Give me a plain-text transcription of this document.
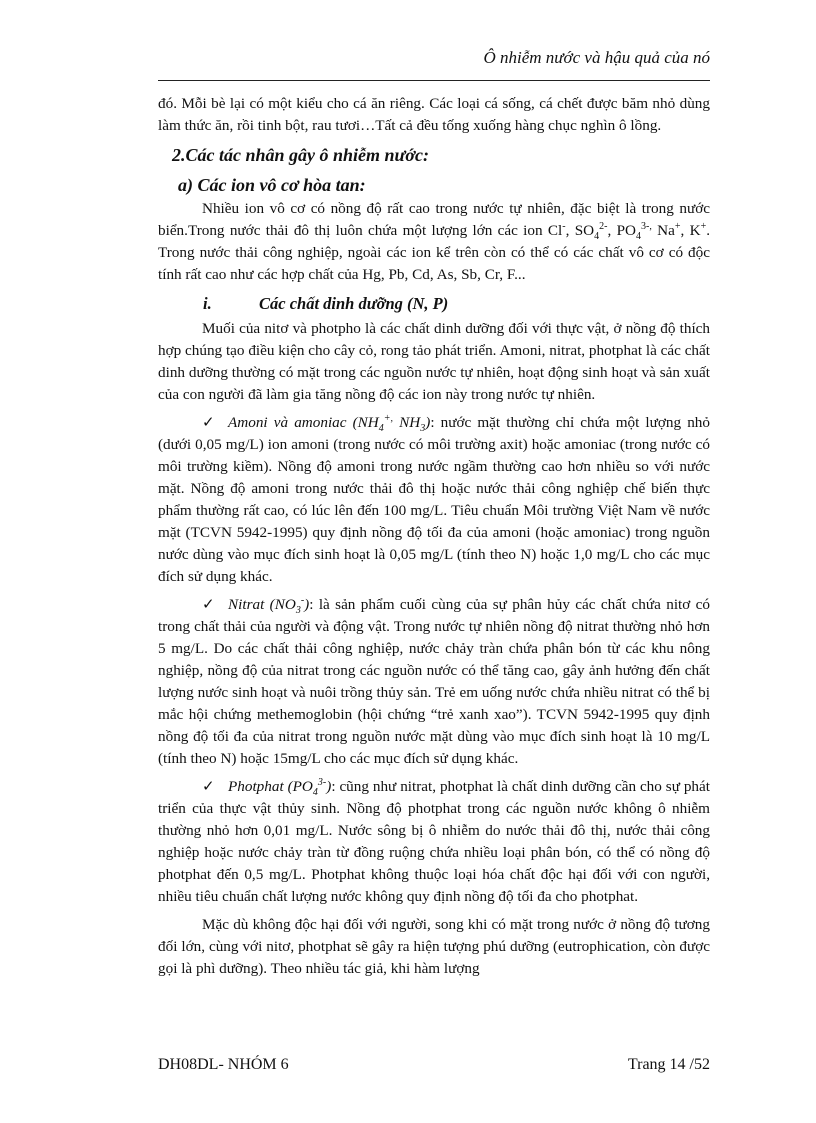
Ô nhiễm nước và hậu quả của nó

đó. Mỗi bè lại có một kiểu cho cá ăn riêng. Các loại cá sống, cá chết được băm nhỏ dùng làm thức ăn, rồi tinh bột, rau tươi…Tất cả đều tống xuống hàng chục nghìn ô lồng.

2.Các tác nhân gây ô nhiễm nước:
a) Các ion vô cơ hòa tan:

Nhiều ion vô cơ có nồng độ rất cao trong nước tự nhiên, đặc biệt là trong nước biển.Trong nước thải đô thị luôn chứa một lượng lớn các ion Cl-, $SO_4^{2-}$, $PO_4^{3-,}$ Na+, K+. Trong nước thải công nghiệp, ngoài các ion kể trên còn có thể có các chất vô cơ có độc tính rất cao như các hợp chất của Hg, Pb, Cd, As, Sb, Cr, F...

i.	Các chất dinh dưỡng (N, P)

Muối của nitơ và photpho là các chất dinh dưỡng đối với thực vật, ở nồng độ thích hợp chúng tạo điều kiện cho cây cỏ, rong tảo phát triển. Amoni, nitrat, photphat là các chất dinh dưỡng thường có mặt trong các nguồn nước tự nhiên, hoạt động sinh hoạt và sản xuất của con người đã làm gia tăng nồng độ các ion này trong nước tự nhiên.

✓ Amoni và amoniac ($NH_4^{+,}$ $NH_3$): nước mặt thường chỉ chứa một lượng nhỏ (dưới 0,05 mg/L) ion amoni (trong nước có môi trường axit) hoặc amoniac (trong nước có môi trường kiềm). Nồng độ amoni trong nước ngầm thường cao hơn nhiều so với nước mặt. Nồng độ amoni trong nước thải đô thị hoặc nước thải công nghiệp chế biến thực phẩm thường rất cao, có lúc lên đến 100 mg/L. Tiêu chuẩn Môi trường Việt Nam về nước mặt (TCVN 5942-1995) quy định nồng độ tối đa của amoni (hoặc amoniac) trong nguồn nước dùng vào mục đích sinh hoạt là 0,05 mg/L (tính theo N) hoặc 1,0 mg/L cho các mục đích sử dụng khác.

✓ Nitrat $(NO_3^-)$: là sản phẩm cuối cùng của sự phân hủy các chất chứa nitơ có trong chất thải của người và động vật. Trong nước tự nhiên nồng độ nitrat thường nhỏ hơn 5 mg/L. Do các chất thải công nghiệp, nước chảy tràn chứa phân bón từ các khu nông nghiệp, nồng độ của nitrat trong các nguồn nước có thể tăng cao, gây ảnh hưởng đến chất lượng nước sinh hoạt và nuôi trồng thủy sản. Trẻ em uống nước chứa nhiều nitrat có thể bị mắc hội chứng methemoglobin (hội chứng “trẻ xanh xao”). TCVN 5942-1995 quy định nồng độ tối đa của nitrat trong nguồn nước mặt dùng vào mục đích sinh hoạt là 10 mg/L (tính theo N) hoặc 15mg/L cho các mục đích sử dụng khác.

✓ Photphat $(PO_4^{3-})$: cũng như nitrat, photphat là chất dinh dưỡng cần cho sự phát triển của thực vật thủy sinh. Nồng độ photphat trong các nguồn nước không ô nhiễm thường nhỏ hơn 0,01 mg/L. Nước sông bị ô nhiễm do nước thải đô thị, nước thải công nghiệp hoặc nước chảy tràn từ đồng ruộng chứa nhiều loại phân bón, có thể có nồng độ photphat đến 0,5 mg/L. Photphat không thuộc loại hóa chất độc hại đối với con người, nhiều tiêu chuẩn chất lượng nước không quy định nồng độ tối đa cho photphat.

Mặc dù không độc hại đối với người, song khi có mặt trong nước ở nồng độ tương đối lớn, cùng với nitơ, photphat sẽ gây ra hiện tượng phú dưỡng (eutrophication, còn được gọi là phì dưỡng). Theo nhiều tác giả, khi hàm lượng

DH08DL- NHÓM 6	Trang 14 /52
